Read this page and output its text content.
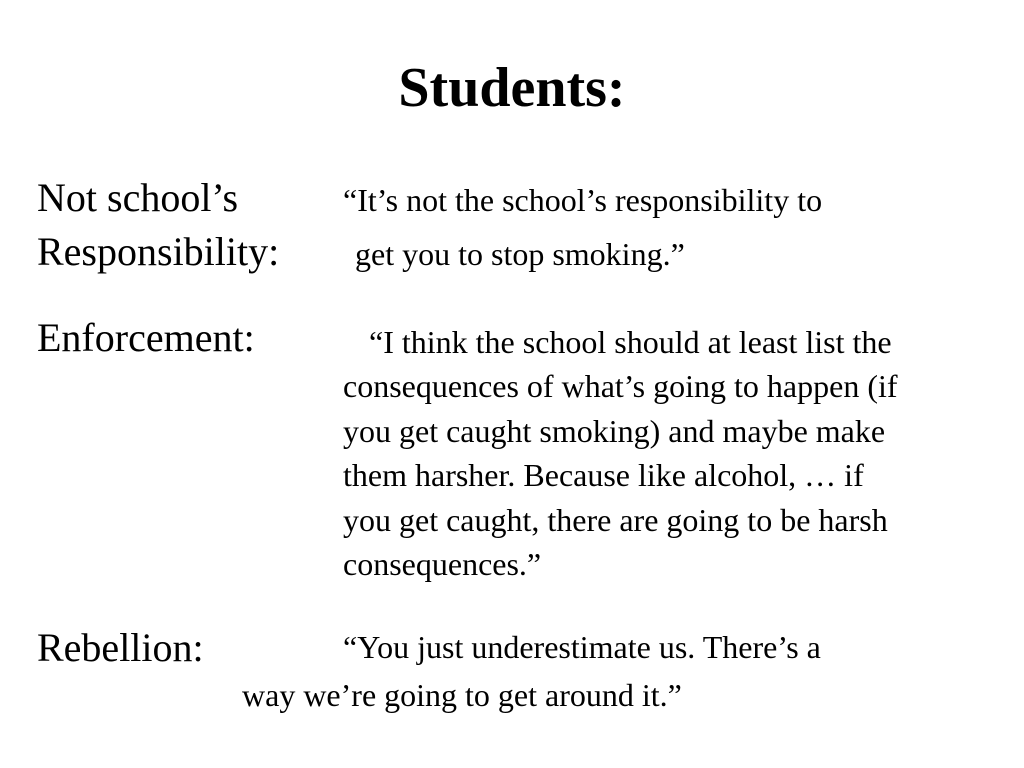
Students:
Not school’s
Responsibility:
“It’s not the school’s responsibility to
get you to stop smoking.”
Enforcement:	“I think the school should at least list the
consequences of what’s going to happen (if
you get caught smoking) and maybe make
them harsher. Because like alcohol, … if
you get caught, there are going to be harsh
consequences.”
Rebellion:	“You just underestimate us. There’s a
way we’re going to get around it.”
